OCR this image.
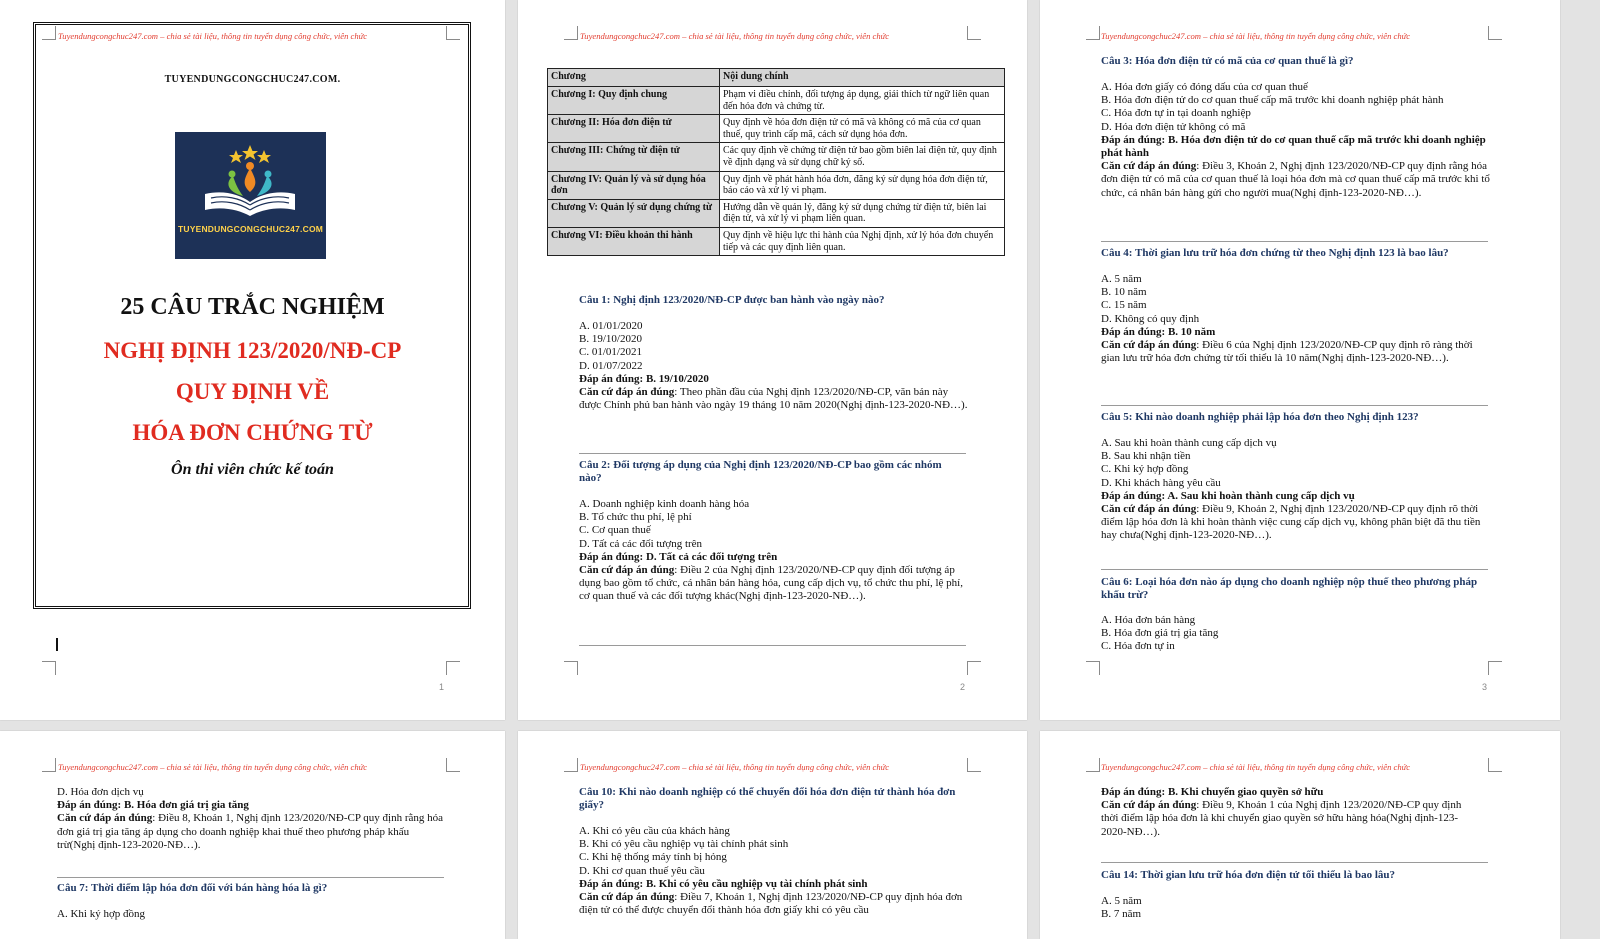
Tuyendungcongchuc247.com – chia sẻ tài liệu, thông tin tuyển dụng công chức, viên chức
TUYENDUNGCONGCHUC247.COM.
TUYENDUNGCONGCHUC247.COM
25 CÂU TRẮC NGHIỆM
NGHỊ ĐỊNH 123/2020/NĐ-CP
QUY ĐỊNH VỀ
HÓA ĐƠN CHỨNG TỪ
Ôn thi viên chức kế toán
1
Tuyendungcongchuc247.com – chia sẻ tài liệu, thông tin tuyển dụng công chức, viên chức
2
Chương	Nội dung chính
Chương I: Quy định chung	Phạm vi điều chỉnh, đối tượng áp dụng, giải thích từ ngữ liên quan đến hóa đơn và chứng từ.
Chương II: Hóa đơn điện tử	Quy định về hóa đơn điện tử có mã và không có mã của cơ quan thuế, quy trình cấp mã, cách sử dụng hóa đơn.
Chương III: Chứng từ điện tử	Các quy định về chứng từ điện tử bao gồm biên lai điện tử, quy định về định dạng và sử dụng chữ ký số.
Chương IV: Quản lý và sử dụng hóa đơn	Quy định về phát hành hóa đơn, đăng ký sử dụng hóa đơn điện tử, báo cáo và xử lý vi phạm.
Chương V: Quản lý sử dụng chứng từ	Hướng dẫn về quản lý, đăng ký sử dụng chứng từ điện tử, biên lai điện tử, và xử lý vi phạm liên quan.
Chương VI: Điều khoản thi hành	Quy định về hiệu lực thi hành của Nghị định, xử lý hóa đơn chuyển tiếp và các quy định liên quan.
Câu 1: Nghị định 123/2020/NĐ-CP được ban hành vào ngày nào?
A. 01/01/2020
B. 19/10/2020
C. 01/01/2021
D. 01/07/2022
Đáp án đúng: B. 19/10/2020
Căn cứ đáp án đúng: Theo phần đầu của Nghị định 123/2020/NĐ-CP, văn bản này được Chính phủ ban hành vào ngày 19 tháng 10 năm 2020(Nghị định-123-2020-NĐ…).
Câu 2: Đối tượng áp dụng của Nghị định 123/2020/NĐ-CP bao gồm các nhóm nào?
A. Doanh nghiệp kinh doanh hàng hóa
B. Tổ chức thu phí, lệ phí
C. Cơ quan thuế
D. Tất cả các đối tượng trên
Đáp án đúng: D. Tất cả các đối tượng trên
Căn cứ đáp án đúng: Điều 2 của Nghị định 123/2020/NĐ-CP quy định đối tượng áp dụng bao gồm tổ chức, cá nhân bán hàng hóa, cung cấp dịch vụ, tổ chức thu phí, lệ phí, cơ quan thuế và các đối tượng khác(Nghị định-123-2020-NĐ…).
Tuyendungcongchuc247.com – chia sẻ tài liệu, thông tin tuyển dụng công chức, viên chức
3
Câu 3: Hóa đơn điện tử có mã của cơ quan thuế là gì?
A. Hóa đơn giấy có đóng dấu của cơ quan thuế
B. Hóa đơn điện tử do cơ quan thuế cấp mã trước khi doanh nghiệp phát hành
C. Hóa đơn tự in tại doanh nghiệp
D. Hóa đơn điện tử không có mã
Đáp án đúng: B. Hóa đơn điện tử do cơ quan thuế cấp mã trước khi doanh nghiệp phát hành
Căn cứ đáp án đúng: Điều 3, Khoản 2, Nghị định 123/2020/NĐ-CP quy định rằng hóa đơn điện tử có mã của cơ quan thuế là loại hóa đơn mà cơ quan thuế cấp mã trước khi tổ chức, cá nhân bán hàng gửi cho người mua(Nghị định-123-2020-NĐ…).
Câu 4: Thời gian lưu trữ hóa đơn chứng từ theo Nghị định 123 là bao lâu?
A. 5 năm
B. 10 năm
C. 15 năm
D. Không có quy định
Đáp án đúng: B. 10 năm
Căn cứ đáp án đúng: Điều 6 của Nghị định 123/2020/NĐ-CP quy định rõ ràng thời gian lưu trữ hóa đơn chứng từ tối thiểu là 10 năm(Nghị định-123-2020-NĐ…).
Câu 5: Khi nào doanh nghiệp phải lập hóa đơn theo Nghị định 123?
A. Sau khi hoàn thành cung cấp dịch vụ
B. Sau khi nhận tiền
C. Khi ký hợp đồng
D. Khi khách hàng yêu cầu
Đáp án đúng: A. Sau khi hoàn thành cung cấp dịch vụ
Căn cứ đáp án đúng: Điều 9, Khoản 2, Nghị định 123/2020/NĐ-CP quy định rõ thời điểm lập hóa đơn là khi hoàn thành việc cung cấp dịch vụ, không phân biệt đã thu tiền hay chưa(Nghị định-123-2020-NĐ…).
Câu 6: Loại hóa đơn nào áp dụng cho doanh nghiệp nộp thuế theo phương pháp khấu trừ?
A. Hóa đơn bán hàng
B. Hóa đơn giá trị gia tăng
C. Hóa đơn tự in
Tuyendungcongchuc247.com – chia sẻ tài liệu, thông tin tuyển dụng công chức, viên chức
D. Hóa đơn dịch vụ
Đáp án đúng: B. Hóa đơn giá trị gia tăng
Căn cứ đáp án đúng: Điều 8, Khoản 1, Nghị định 123/2020/NĐ-CP quy định rằng hóa đơn giá trị gia tăng áp dụng cho doanh nghiệp khai thuế theo phương pháp khấu trừ(Nghị định-123-2020-NĐ…).
Câu 7: Thời điểm lập hóa đơn đối với bán hàng hóa là gì?
A. Khi ký hợp đồng
Tuyendungcongchuc247.com – chia sẻ tài liệu, thông tin tuyển dụng công chức, viên chức
Câu 10: Khi nào doanh nghiệp có thể chuyển đổi hóa đơn điện tử thành hóa đơn giấy?
A. Khi có yêu cầu của khách hàng
B. Khi có yêu cầu nghiệp vụ tài chính phát sinh
C. Khi hệ thống máy tính bị hỏng
D. Khi cơ quan thuế yêu cầu
Đáp án đúng: B. Khi có yêu cầu nghiệp vụ tài chính phát sinh
Căn cứ đáp án đúng: Điều 7, Khoản 1, Nghị định 123/2020/NĐ-CP quy định hóa đơn điện tử có thể được chuyển đổi thành hóa đơn giấy khi có yêu cầu
Tuyendungcongchuc247.com – chia sẻ tài liệu, thông tin tuyển dụng công chức, viên chức
Đáp án đúng: B. Khi chuyển giao quyền sở hữu
Căn cứ đáp án đúng: Điều 9, Khoản 1 của Nghị định 123/2020/NĐ-CP quy định thời điểm lập hóa đơn là khi chuyển giao quyền sở hữu hàng hóa(Nghị định-123-2020-NĐ…).
Câu 14: Thời gian lưu trữ hóa đơn điện tử tối thiểu là bao lâu?
A. 5 năm
B. 7 năm
